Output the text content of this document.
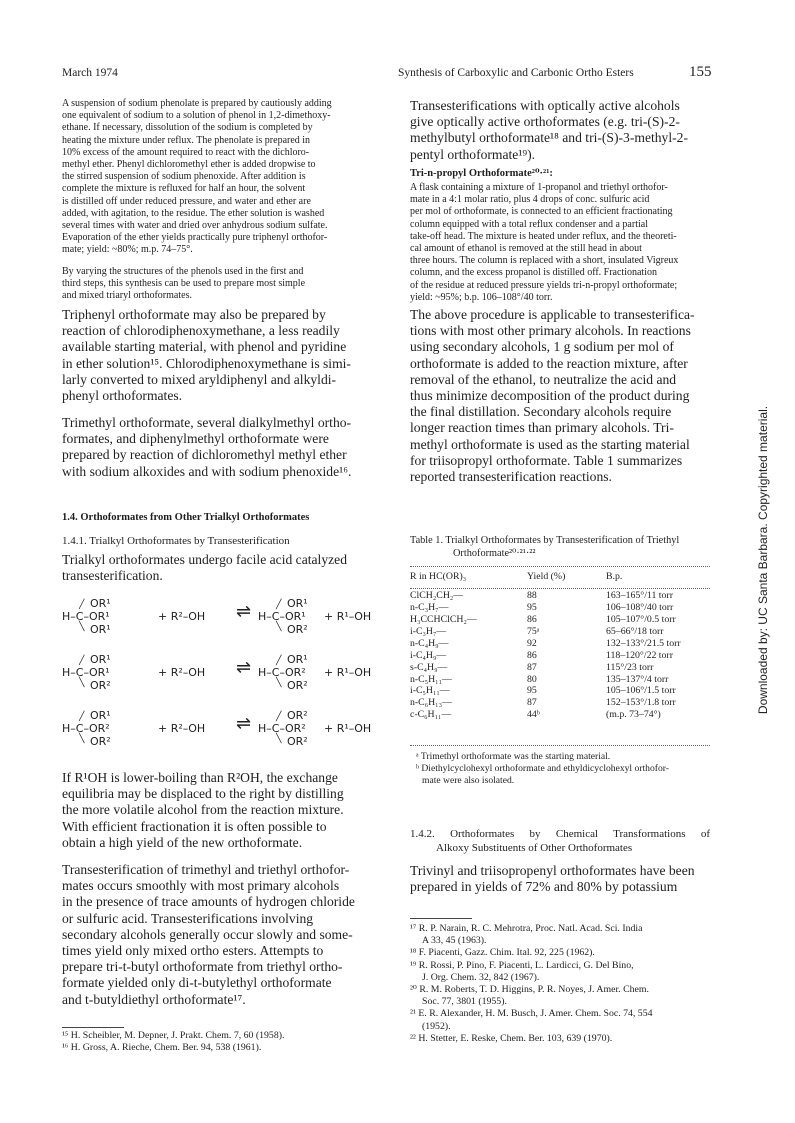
March 1974	Synthesis of Carboxylic and Carbonic Ortho Esters	155
Downloaded by: UC Santa Barbara. Copyrighted material.
A suspension of sodium phenolate is prepared by cautiously adding
one equivalent of sodium to a solution of phenol in 1,2-dimethoxy-
ethane. If necessary, dissolution of the sodium is completed by
heating the mixture under reflux. The phenolate is prepared in
10% excess of the amount required to react with the dichloro-
methyl ether. Phenyl dichloromethyl ether is added dropwise to
the stirred suspension of sodium phenoxide. After addition is
complete the mixture is refluxed for half an hour, the solvent
is distilled off under reduced pressure, and water and ether are
added, with agitation, to the residue. The ether solution is washed
several times with water and dried over anhydrous sodium sulfate.
Evaporation of the ether yields practically pure triphenyl orthofor-
mate; yield: ~80%; m.p. 74–75°.
By varying the structures of the phenols used in the first and
third steps, this synthesis can be used to prepare most simple
and mixed triaryl orthoformates.
Triphenyl orthoformate may also be prepared by
reaction of chlorodiphenoxymethane, a less readily
available starting material, with phenol and pyridine
in ether solution¹⁵. Chlorodiphenoxymethane is simi-
larly converted to mixed aryldiphenyl and alkyldi-
phenyl orthoformates.
Trimethyl orthoformate, several dialkylmethyl ortho-
formates, and diphenylmethyl orthoformate were
prepared by reaction of dichloromethyl methyl ether
with sodium alkoxides and with sodium phenoxide¹⁶.
1.4. Orthoformates from Other Trialkyl Orthoformates
1.4.1. Trialkyl Orthoformates by Transesterification
Trialkyl orthoformates undergo facile acid catalyzed
transesterification.
OR¹
╱
H–C–OR¹
╲ OR¹
+ R²–OH ⇌	OR¹
╱
H–C–OR¹
╲ OR²
+ R¹–OH
OR¹
╱
H–C–OR¹
╲ OR²
+ R²–OH ⇌	OR¹
╱
H–C–OR²
╲ OR²
+ R¹–OH
OR¹
╱
H–C–OR²
╲ OR²
+ R²–OH ⇌	OR²
╱
H–C–OR²
╲ OR²
+ R¹–OH
If R¹OH is lower-boiling than R²OH, the exchange
equilibria may be displaced to the right by distilling
the more volatile alcohol from the reaction mixture.
With efficient fractionation it is often possible to
obtain a high yield of the new orthoformate.
Transesterification of trimethyl and triethyl orthofor-
mates occurs smoothly with most primary alcohols
in the presence of trace amounts of hydrogen chloride
or sulfuric acid. Transesterifications involving
secondary alcohols generally occur slowly and some-
times yield only mixed ortho esters. Attempts to
prepare tri-t-butyl orthoformate from triethyl ortho-
formate yielded only di-t-butylethyl orthoformate
and t-butyldiethyl orthoformate¹⁷.
¹⁵ H. Scheibler, M. Depner, J. Prakt. Chem. 7, 60 (1958).
¹⁶ H. Gross, A. Rieche, Chem. Ber. 94, 538 (1961).
Transesterifications with optically active alcohols
give optically active orthoformates (e.g. tri-(S)-2-
methylbutyl orthoformate¹⁸ and tri-(S)-3-methyl-2-
pentyl orthoformate¹⁹).
Tri-n-propyl Orthoformate²⁰·²¹:
A flask containing a mixture of 1-propanol and triethyl orthofor-
mate in a 4:1 molar ratio, plus 4 drops of conc. sulfuric acid
per mol of orthoformate, is connected to an efficient fractionating
column equipped with a total reflux condenser and a partial
take-off head. The mixture is heated under reflux, and the theoreti-
cal amount of ethanol is removed at the still head in about
three hours. The column is replaced with a short, insulated Vigreux
column, and the excess propanol is distilled off. Fractionation
of the residue at reduced pressure yields tri-n-propyl orthoformate;
yield: ~95%; b.p. 106–108°/40 torr.
The above procedure is applicable to transesterifica-
tions with most other primary alcohols. In reactions
using secondary alcohols, 1 g sodium per mol of
orthoformate is added to the reaction mixture, after
removal of the ethanol, to neutralize the acid and
thus minimize decomposition of the product during
the final distillation. Secondary alcohols require
longer reaction times than primary alcohols. Tri-
methyl orthoformate is used as the starting material
for triisopropyl orthoformate. Table 1 summarizes
reported transesterification reactions.
Table 1. Trialkyl Orthoformates by Transesterification of Triethyl
Orthoformate²⁰·²¹·²²
R in HC(OR)₃	Yield (%)	B.p.

ClCH₂CH₂—	88	163–165°/11 torr
n-C₃H₇—	95	106–108°/40 torr
H₃CCHClCH₂—	86	105–107°/0.5 torr
i-C₃H₇—	75ᵃ	65–66°/18 torr
n-C₄H₉—	92	132–133°/21.5 torr
i-C₄H₉—	86	118–120°/22 torr
s-C₄H₉—	87	115°/23 torr
n-C₅H₁₁—	80	135–137°/4 torr
i-C₅H₁₁—	95	105–106°/1.5 torr
n-C₆H₁₃—	87	152–153°/1.8 torr
c-C₆H₁₁—	44ᵇ	(m.p. 73–74°)
ᵃ Trimethyl orthoformate was the starting material.
ᵇ Diethylcyclohexyl orthoformate and ethyldicyclohexyl orthofor-
mate were also isolated.
1.4.2. Orthoformates by Chemical Transformations of
Alkoxy Substituents of Other Orthoformates
Trivinyl and triisopropenyl orthoformates have been
prepared in yields of 72% and 80% by potassium
¹⁷ R. P. Narain, R. C. Mehrotra, Proc. Natl. Acad. Sci. India
A 33, 45 (1963).
¹⁸ F. Piacenti, Gazz. Chim. Ital. 92, 225 (1962).
¹⁹ R. Rossi, P. Pino, F. Piacenti, L. Lardicci, G. Del Bino,
J. Org. Chem. 32, 842 (1967).
²⁰ R. M. Roberts, T. D. Higgins, P. R. Noyes, J. Amer. Chem.
Soc. 77, 3801 (1955).
²¹ E. R. Alexander, H. M. Busch, J. Amer. Chem. Soc. 74, 554
(1952).
²² H. Stetter, E. Reske, Chem. Ber. 103, 639 (1970).
